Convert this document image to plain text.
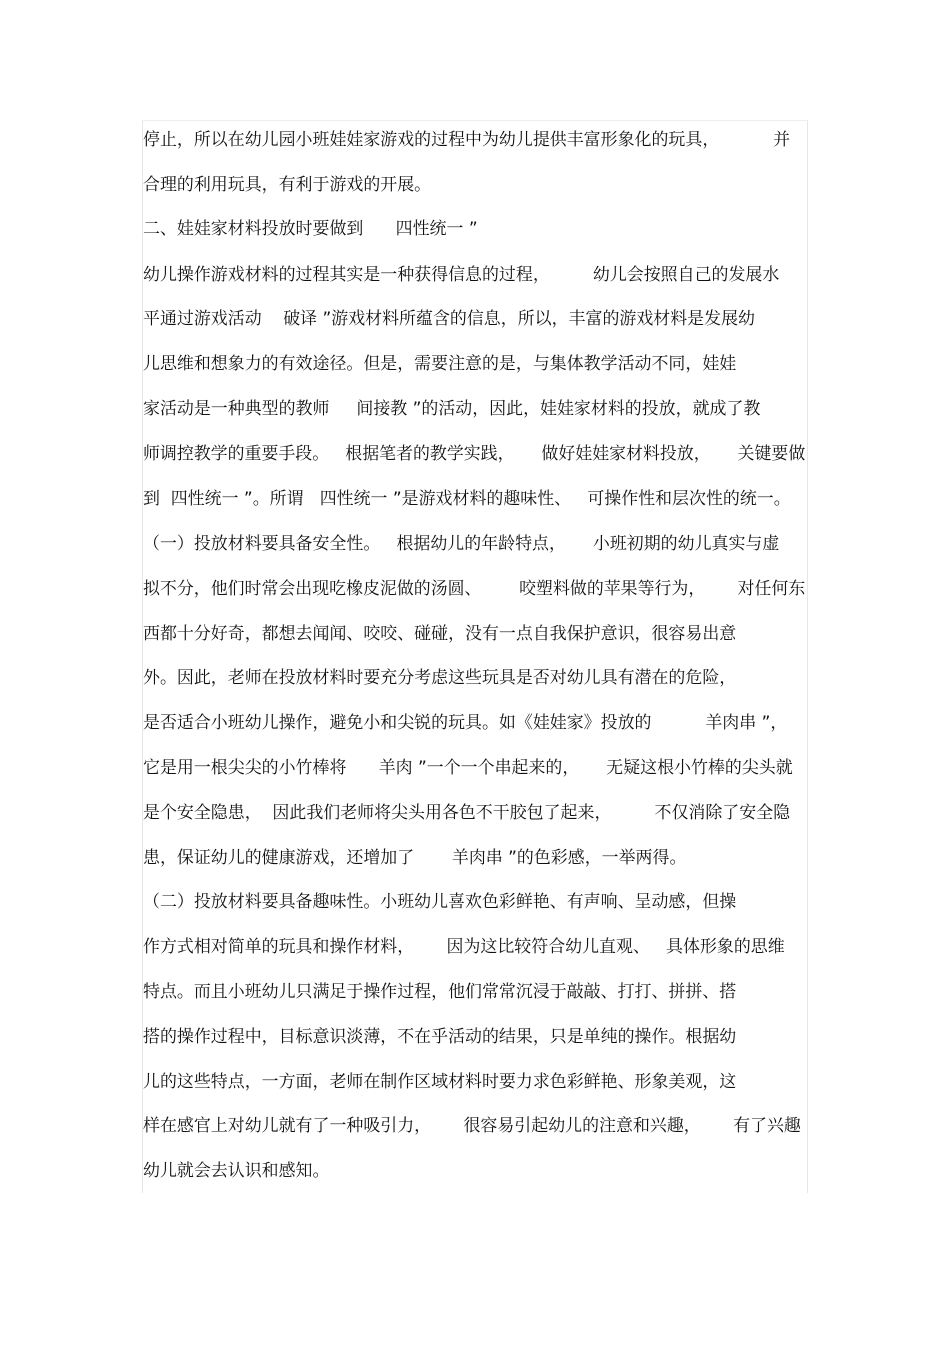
停止，所以在幼儿园小班娃娃家游戏的过程中为幼儿提供丰富形象化的玩具，          并
合理的利用玩具，有利于游戏的开展。
二、娃娃家材料投放时要做到      四性统一 ”
幼儿操作游戏材料的过程其实是一种获得信息的过程，        幼儿会按照自己的发展水
平通过游戏活动    破译 ”游戏材料所蕴含的信息，所以，丰富的游戏材料是发展幼
儿思维和想象力的有效途径。但是，需要注意的是，与集体教学活动不同，娃娃
家活动是一种典型的教师     间接教 ”的活动，因此，娃娃家材料的投放，就成了教
师调控教学的重要手段。   根据笔者的教学实践，     做好娃娃家材料投放，     关键要做
到  四性统一 ”。所谓   四性统一 ”是游戏材料的趣味性、   可操作性和层次性的统一。
（一）投放材料要具备安全性。   根据幼儿的年龄特点，     小班初期的幼儿真实与虚
拟不分，他们时常会出现吃橡皮泥做的汤圆、       咬塑料做的苹果等行为，      对任何东
西都十分好奇，都想去闻闻、咬咬、碰碰，没有一点自我保护意识，很容易出意
外。因此，老师在投放材料时要充分考虑这些玩具是否对幼儿具有潜在的危险，
是否适合小班幼儿操作，避免小和尖锐的玩具。如《娃娃家》投放的          羊肉串 ”，
它是用一根尖尖的小竹棒将      羊肉 ”一个一个串起来的，     无疑这根小竹棒的尖头就
是个安全隐患，  因此我们老师将尖头用各色不干胶包了起来，        不仅消除了安全隐
患，保证幼儿的健康游戏，还增加了       羊肉串 ”的色彩感，一举两得。
（二）投放材料要具备趣味性。小班幼儿喜欢色彩鲜艳、有声响、呈动感，但操
作方式相对简单的玩具和操作材料，      因为这比较符合幼儿直观、   具体形象的思维
特点。而且小班幼儿只满足于操作过程，他们常常沉浸于敲敲、打打、拼拼、搭
搭的操作过程中，目标意识淡薄，不在乎活动的结果，只是单纯的操作。根据幼
儿的这些特点，一方面，老师在制作区域材料时要力求色彩鲜艳、形象美观，这
样在感官上对幼儿就有了一种吸引力，      很容易引起幼儿的注意和兴趣，      有了兴趣
幼儿就会去认识和感知。
